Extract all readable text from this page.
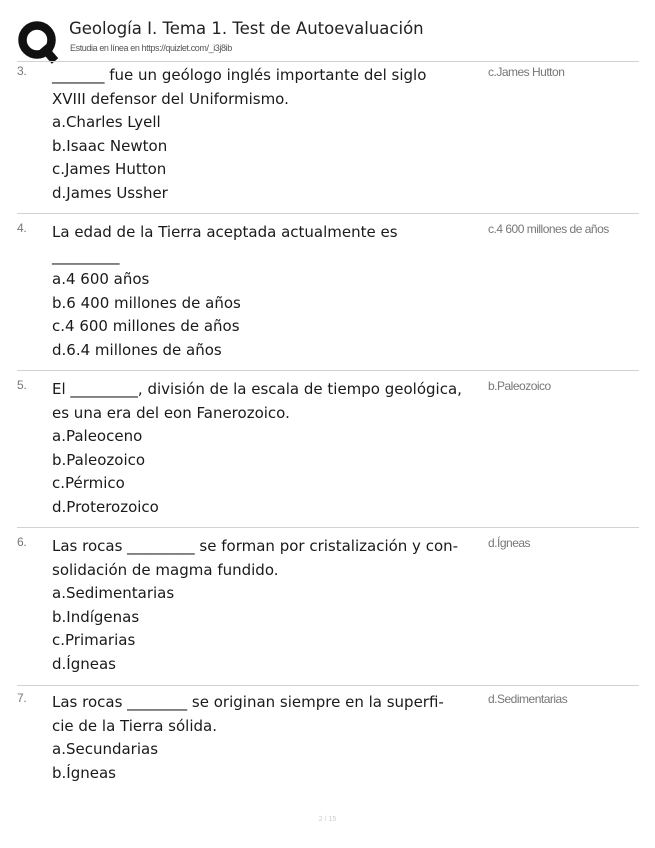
Geología I. Tema 1. Test de Autoevaluación
Estudia en línea en https://quizlet.com/_i3j8ib
3. _______ fue un geólogo inglés importante del siglo
XVIII defensor del Uniformismo.
a.Charles Lyell
b.Isaac Newton
c.James Hutton
d.James Ussher
c.James Hutton
4. La edad de la Tierra aceptada actualmente es
_________
a.4 600 años
b.6 400 millones de años
c.4 600 millones de años
d.6.4 millones de años
c.4 600 millones de años
5. El _________, división de la escala de tiempo geológica,
es una era del eon Fanerozoico.
a.Paleoceno
b.Paleozoico
c.Pérmico
d.Proterozoico
b.Paleozoico
6. Las rocas _________ se forman por cristalización y con-
solidación de magma fundido.
a.Sedimentarias
b.Indígenas
c.Primarias
d.Ígneas
d.Ígneas
7. Las rocas ________ se originan siempre en la superfi-
cie de la Tierra sólida.
a.Secundarias
b.Ígneas
d.Sedimentarias
2 / 15
